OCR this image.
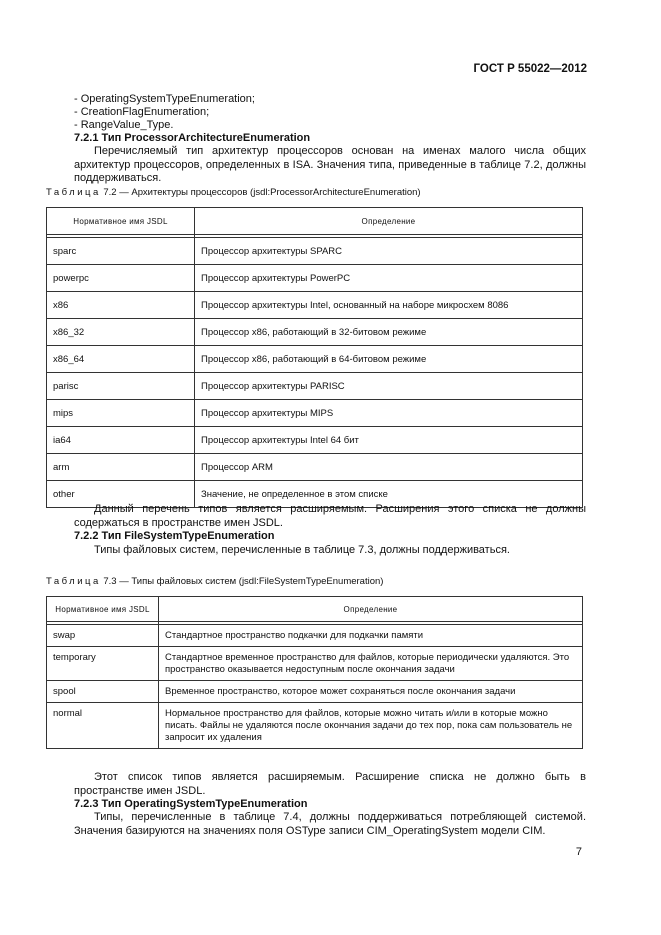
ГОСТ Р 55022—2012
- OperatingSystemTypeEnumeration;
- CreationFlagEnumeration;
- RangeValue_Type.
7.2.1 Тип ProcessorArchitectureEnumeration
Перечисляемый тип архитектур процессоров основан на именах малого числа общих архитектур процессоров, определенных в ISA. Значения типа, приведенные в таблице 7.2, должны поддерживаться.
Таблица 7.2 — Архитектуры процессоров (jsdl:ProcessorArchitectureEnumeration)
Нормативное имя JSDL	Определение

sparc	Процессор архитектуры SPARC
powerpc	Процессор архитектуры PowerPC
x86	Процессор архитектуры Intel, основанный на наборе микросхем 8086
x86_32	Процессор x86, работающий в 32-битовом режиме
x86_64	Процессор x86, работающий в 64-битовом режиме
parisc	Процессор архитектуры PARISC
mips	Процессор архитектуры MIPS
ia64	Процессор архитектуры Intel 64 бит
arm	Процессор ARM
other	Значение, не определенное в этом списке
Данный перечень типов является расширяемым. Расширения этого списка не должны содержаться в пространстве имен JSDL.
7.2.2 Тип FileSystemTypeEnumeration
Типы файловых систем, перечисленные в таблице 7.3, должны поддерживаться.
Таблица 7.3 — Типы файловых систем (jsdl:FileSystemTypeEnumeration)
Нормативное имя JSDL	Определение

swap	Стандартное пространство подкачки для подкачки памяти
temporary	Стандартное временное пространство для файлов, которые периодически удаляются. Это пространство оказывается недоступным после окончания задачи
spool	Временное пространство, которое может сохраняться после окончания задачи
normal	Нормальное пространство для файлов, которые можно читать и/или в которые можно писать. Файлы не удаляются после окончания задачи до тех пор, пока сам пользователь не запросит их удаления
Этот список типов является расширяемым. Расширение списка не должно быть в пространстве имен JSDL.
7.2.3 Тип OperatingSystemTypeEnumeration
Типы, перечисленные в таблице 7.4, должны поддерживаться потребляющей системой. Значения базируются на значениях поля OSType записи CIM_OperatingSystem модели CIM.
7
